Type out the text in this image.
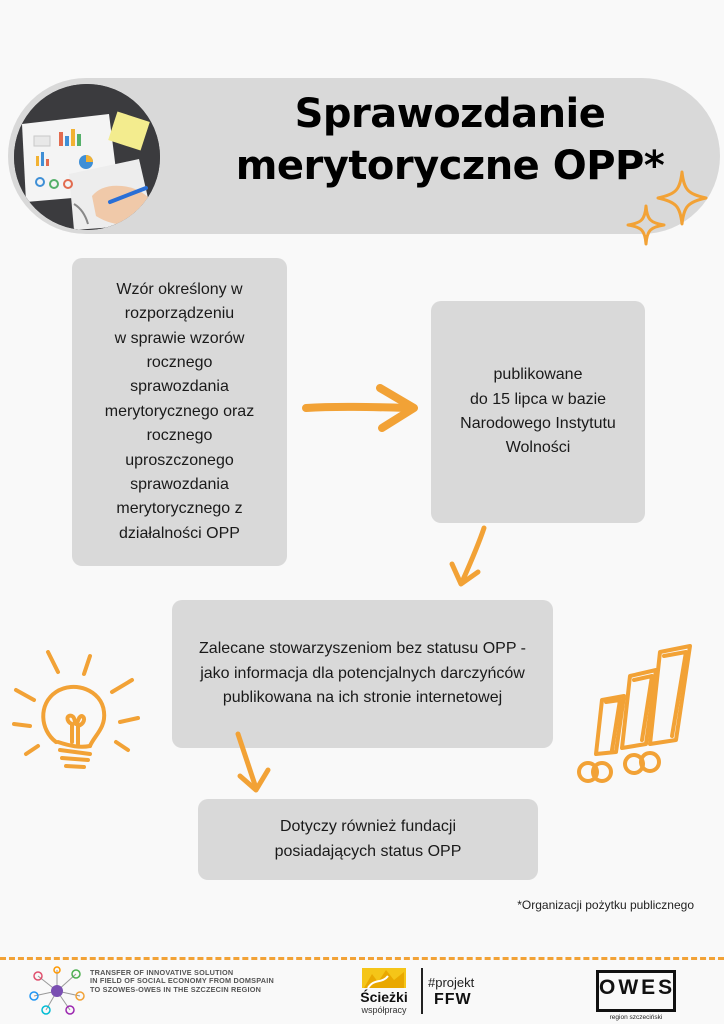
Sprawozdanie
merytoryczne OPP*
Wzór określony w
rozporządzeniu
w sprawie wzorów
rocznego
sprawozdania
merytorycznego oraz
rocznego
uproszczonego
sprawozdania
merytorycznego z
działalności OPP
publikowane
do 15 lipca w bazie
Narodowego Instytutu
Wolności
Zalecane stowarzyszeniom bez statusu OPP -
jako informacja dla potencjalnych darczyńców
publikowana na ich stronie internetowej
Dotyczy również fundacji
posiadających status OPP
*Organizacji pożytku publicznego
TRANSFER OF INNOVATIVE SOLUTION
IN FIELD OF SOCIAL ECONOMY FROM DOMSPAIN
TO SZOWES-OWES IN THE SZCZECIN REGION	Ścieżki
współpracy
#projekt
FFW
OWES
region szczeciński
